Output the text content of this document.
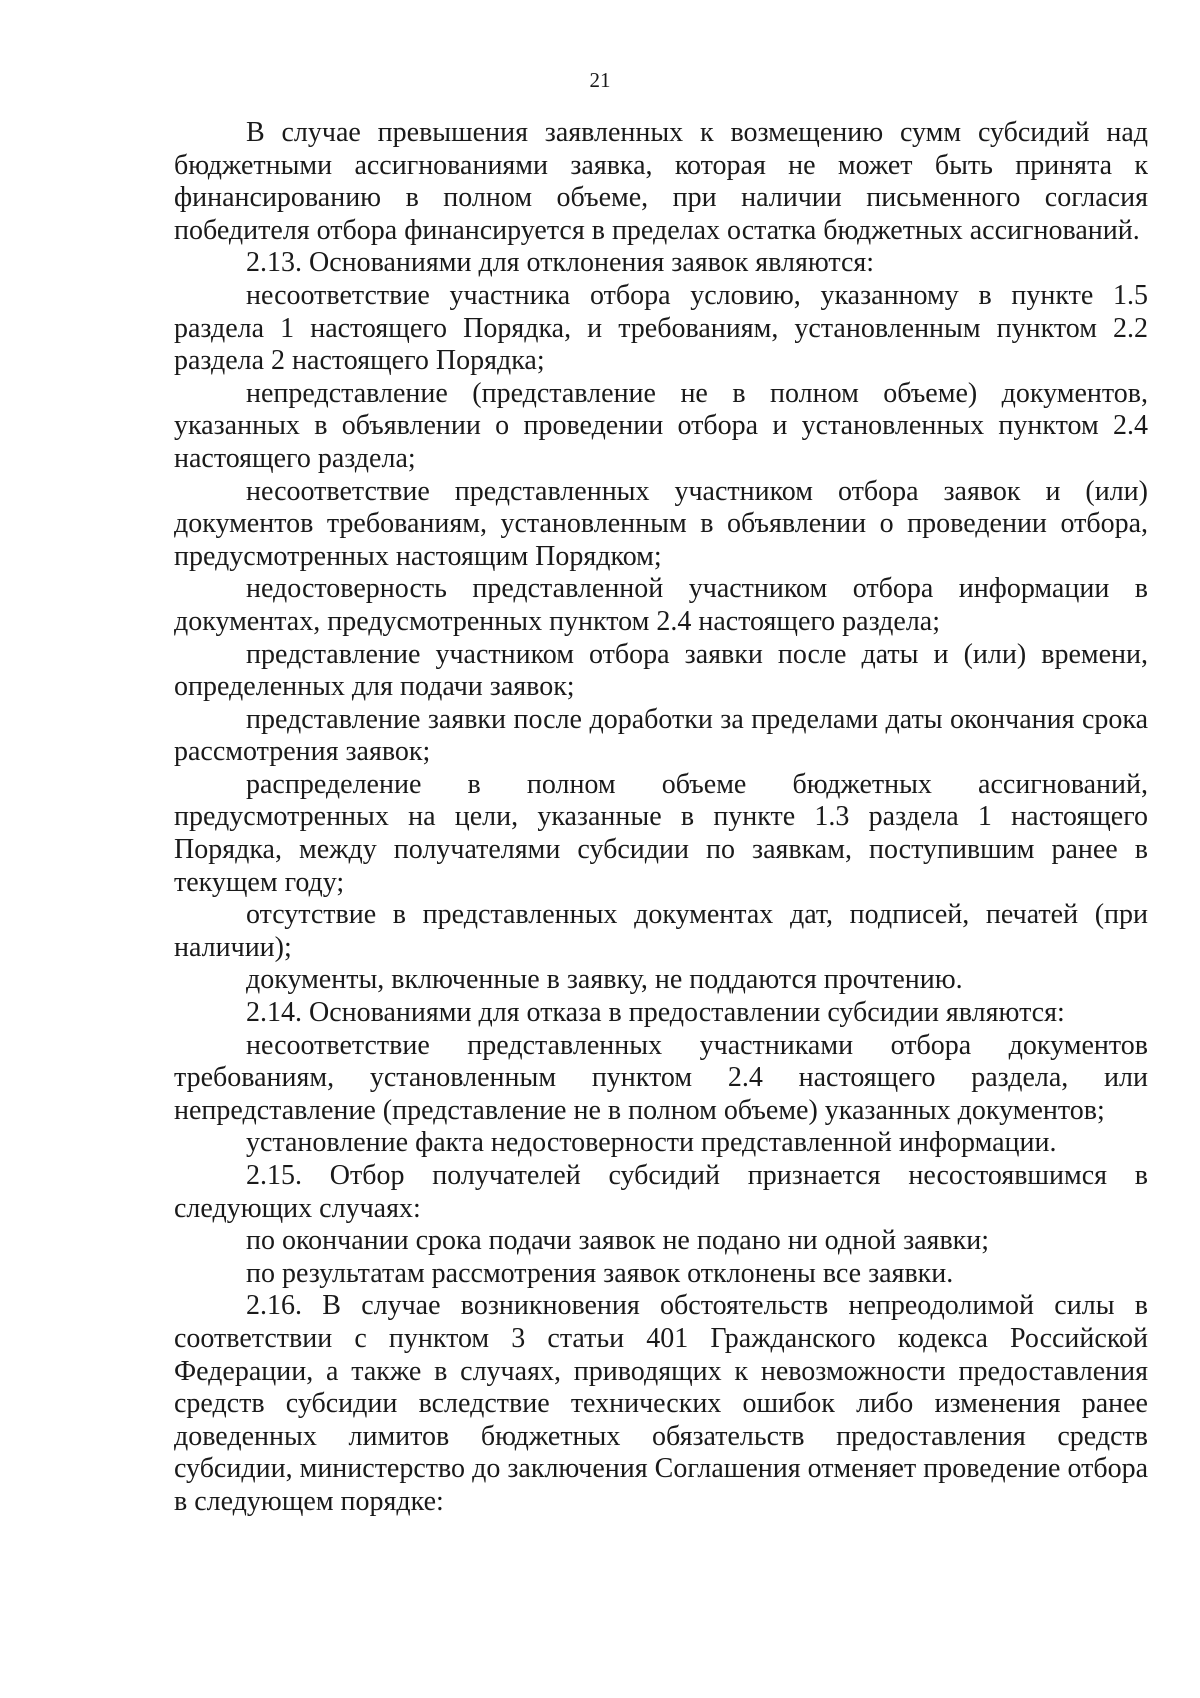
21

В случае превышения заявленных к возмещению сумм субсидий над бюджетными ассигнованиями заявка, которая не может быть принята к финансированию в полном объеме, при наличии письменного согласия победителя отбора финансируется в пределах остатка бюджетных ассигнований.

2.13. Основаниями для отклонения заявок являются:

несоответствие участника отбора условию, указанному в пункте 1.5 раздела 1 настоящего Порядка, и требованиям, установленным пунктом 2.2 раздела 2 настоящего Порядка;

непредставление (представление не в полном объеме) документов, указанных в объявлении о проведении отбора и установленных пунктом 2.4 настоящего раздела;

несоответствие представленных участником отбора заявок и (или) документов требованиям, установленным в объявлении о проведении отбора, предусмотренных настоящим Порядком;

недостоверность представленной участником отбора информации в документах, предусмотренных пунктом 2.4 настоящего раздела;

представление участником отбора заявки после даты и (или) времени, определенных для подачи заявок;

представление заявки после доработки за пределами даты окончания срока рассмотрения заявок;

распределение в полном объеме бюджетных ассигнований, предусмотренных на цели, указанные в пункте 1.3 раздела 1 настоящего Порядка, между получателями субсидии по заявкам, поступившим ранее в текущем году;

отсутствие в представленных документах дат, подписей, печатей (при наличии);

документы, включенные в заявку, не поддаются прочтению.

2.14. Основаниями для отказа в предоставлении субсидии являются:

несоответствие представленных участниками отбора документов требованиям, установленным пунктом 2.4 настоящего раздела, или непредставление (представление не в полном объеме) указанных документов;

установление факта недостоверности представленной информации.

2.15. Отбор получателей субсидий признается несостоявшимся в следующих случаях:

по окончании срока подачи заявок не подано ни одной заявки;

по результатам рассмотрения заявок отклонены все заявки.

2.16. В случае возникновения обстоятельств непреодолимой силы в соответствии с пунктом 3 статьи 401 Гражданского кодекса Российской Федерации, а также в случаях, приводящих к невозможности предоставления средств субсидии вследствие технических ошибок либо изменения ранее доведенных лимитов бюджетных обязательств предоставления средств субсидии, министерство до заключения Соглашения отменяет проведение отбора в следующем порядке:
